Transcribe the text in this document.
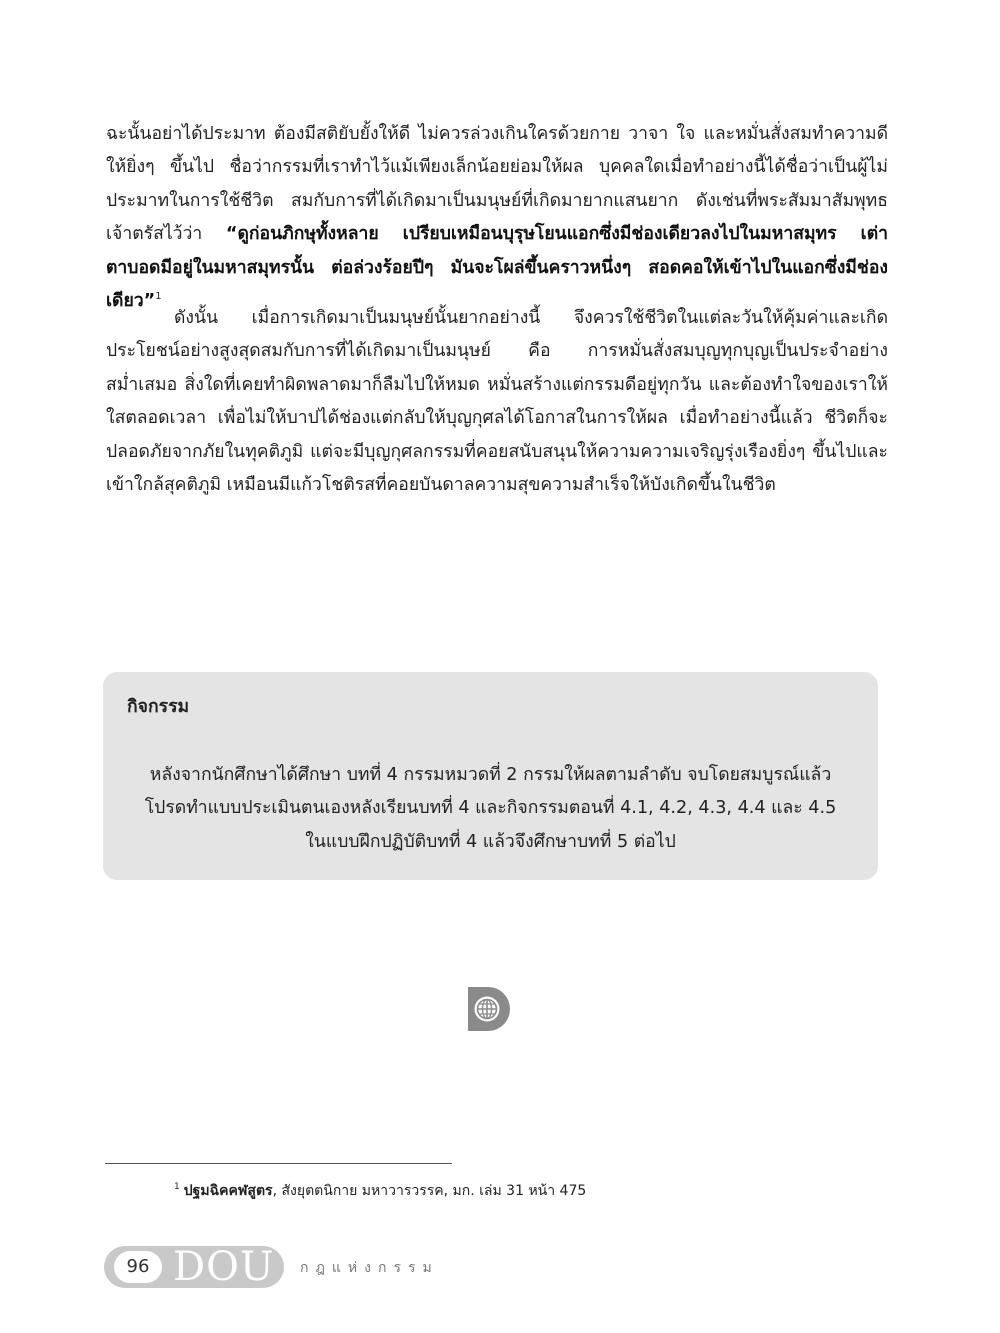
ฉะนั้นอย่าได้ประมาท ต้องมีสติยับยั้งให้ดี ไม่ควรล่วงเกินใครด้วยกาย วาจา ใจ และหมั่นสั่งสมทำความดีให้ยิ่งๆ ขึ้นไป ชื่อว่ากรรมที่เราทำไว้แม้เพียงเล็กน้อยย่อมให้ผล บุคคลใดเมื่อทำอย่างนี้ได้ชื่อว่าเป็นผู้ไม่ประมาทในการใช้ชีวิต สมกับการที่ได้เกิดมาเป็นมนุษย์ที่เกิดมายากแสนยาก ดังเช่นที่พระสัมมาสัมพุทธเจ้าตรัสไว้ว่า “ดูก่อนภิกษุทั้งหลาย เปรียบเหมือนบุรุษโยนแอกซึ่งมีช่องเดียวลงไปในมหาสมุทร เต่าตาบอดมีอยู่ในมหาสมุทรนั้น ต่อล่วงร้อยปีๆ มันจะโผล่ขึ้นคราวหนึ่งๆ สอดคอให้เข้าไปในแอกซึ่งมีช่องเดียว”$^1$

ดังนั้น เมื่อการเกิดมาเป็นมนุษย์นั้นยากอย่างนี้ จึงควรใช้ชีวิตในแต่ละวันให้คุ้มค่าและเกิดประโยชน์อย่างสูงสุดสมกับการที่ได้เกิดมาเป็นมนุษย์ คือ การหมั่นสั่งสมบุญทุกบุญเป็นประจำอย่างสม่ำเสมอ สิ่งใดที่เคยทำผิดพลาดมาก็ลืมไปให้หมด หมั่นสร้างแต่กรรมดีอยู่ทุกวัน และต้องทำใจของเราให้ใสตลอดเวลา เพื่อไม่ให้บาปได้ช่องแต่กลับให้บุญกุศลได้โอกาสในการให้ผล เมื่อทำอย่างนี้แล้ว ชีวิตก็จะปลอดภัยจากภัยในทุคติภูมิ แต่จะมีบุญกุศลกรรมที่คอยสนับสนุนให้ความความเจริญรุ่งเรืองยิ่งๆ ขึ้นไปและเข้าใกล้สุคติภูมิ เหมือนมีแก้วโชติรสที่คอยบันดาลความสุขความสำเร็จให้บังเกิดขึ้นในชีวิต

กิจกรรม
หลังจากนักศึกษาได้ศึกษา บทที่ 4 กรรมหมวดที่ 2 กรรมให้ผลตามลำดับ จบโดยสมบูรณ์แล้ว
โปรดทำแบบประเมินตนเองหลังเรียนบทที่ 4 และกิจกรรมตอนที่ 4.1, 4.2, 4.3, 4.4 และ 4.5
ในแบบฝึกปฏิบัติบทที่ 4 แล้วจึงศึกษาบทที่ 5 ต่อไป
$^1$ ปฐมฉิคคฬสูตร, สังยุตตนิกาย มหาวารวรรค, มก. เล่ม 31 หน้า 475
96 DOU กฎแห่งกรรม
